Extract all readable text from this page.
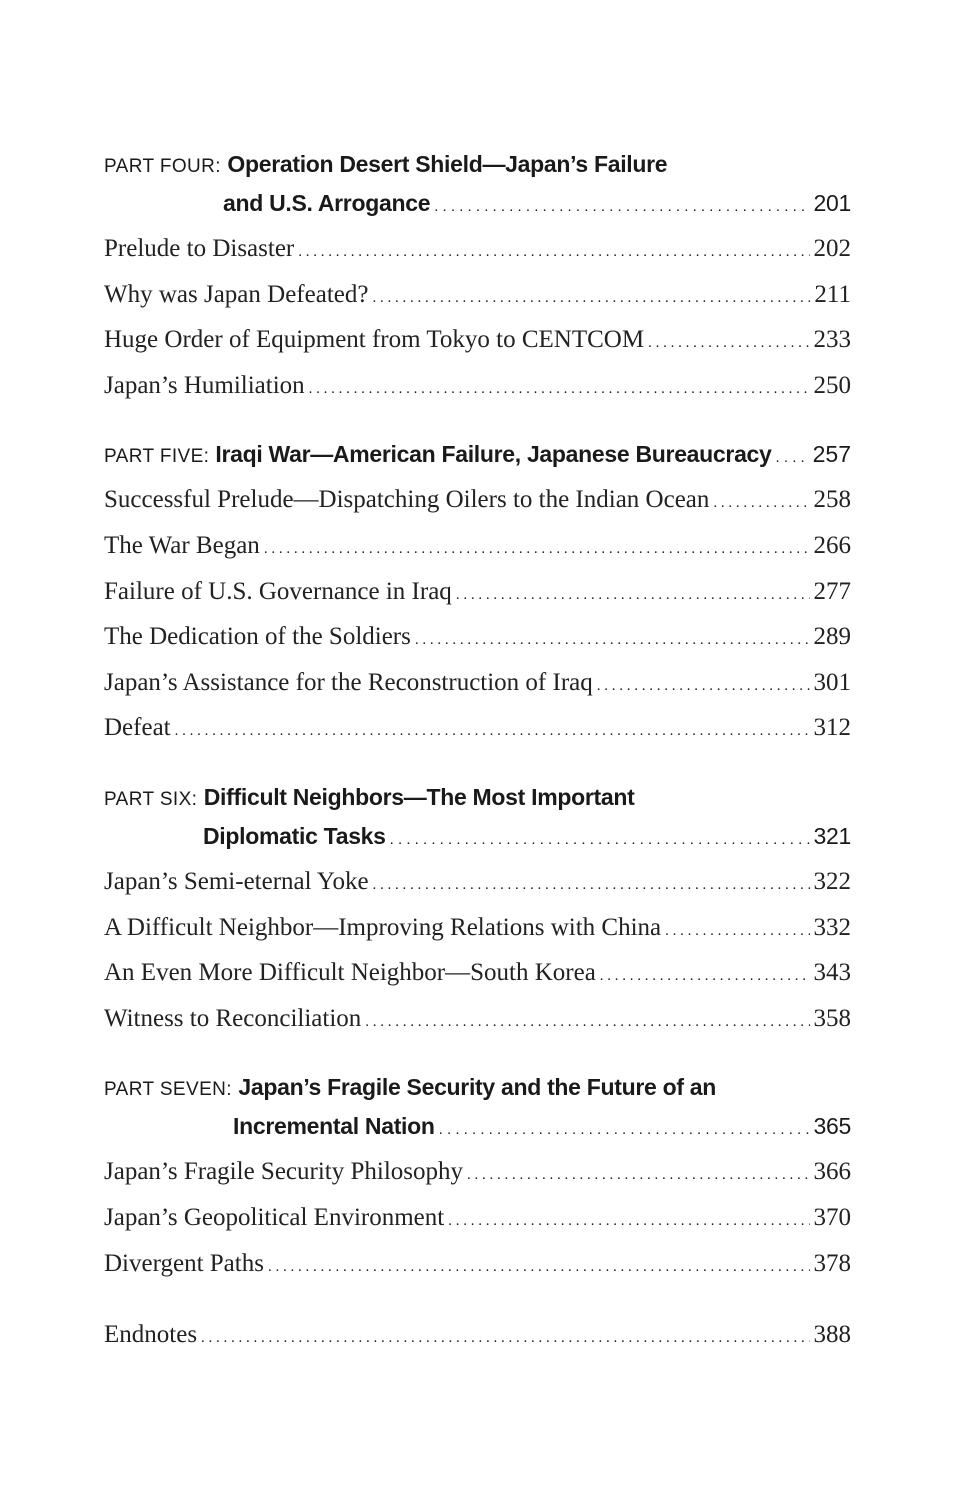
PART FOUR: Operation Desert Shield—Japan’s Failure
and U.S. Arrogance . . .	201
Prelude to Disaster . . .	202
Why was Japan Defeated? . . .	211
Huge Order of Equipment from Tokyo to CENTCOM . . .	233
Japan’s Humiliation . . .	250
PART FIVE: Iraqi War—American Failure, Japanese Bureaucracy . . . 257
Successful Prelude—Dispatching Oilers to the Indian Ocean . . .	258
The War Began . . .	266
Failure of U.S. Governance in Iraq . . .	277
The Dedication of the Soldiers . . .	289
Japan’s Assistance for the Reconstruction of Iraq . . .	301
Defeat . . .	312
PART SIX: Difficult Neighbors—The Most Important
Diplomatic Tasks . . .	321
Japan’s Semi-eternal Yoke . . .	322
A Difficult Neighbor—Improving Relations with China . . .	332
An Even More Difficult Neighbor—South Korea . . .	343
Witness to Reconciliation . . .	358
PART SEVEN: Japan’s Fragile Security and the Future of an
Incremental Nation . . .	365
Japan’s Fragile Security Philosophy . . .	366
Japan’s Geopolitical Environment . . .	370
Divergent Paths . . .	378
Endnotes . . .	388
